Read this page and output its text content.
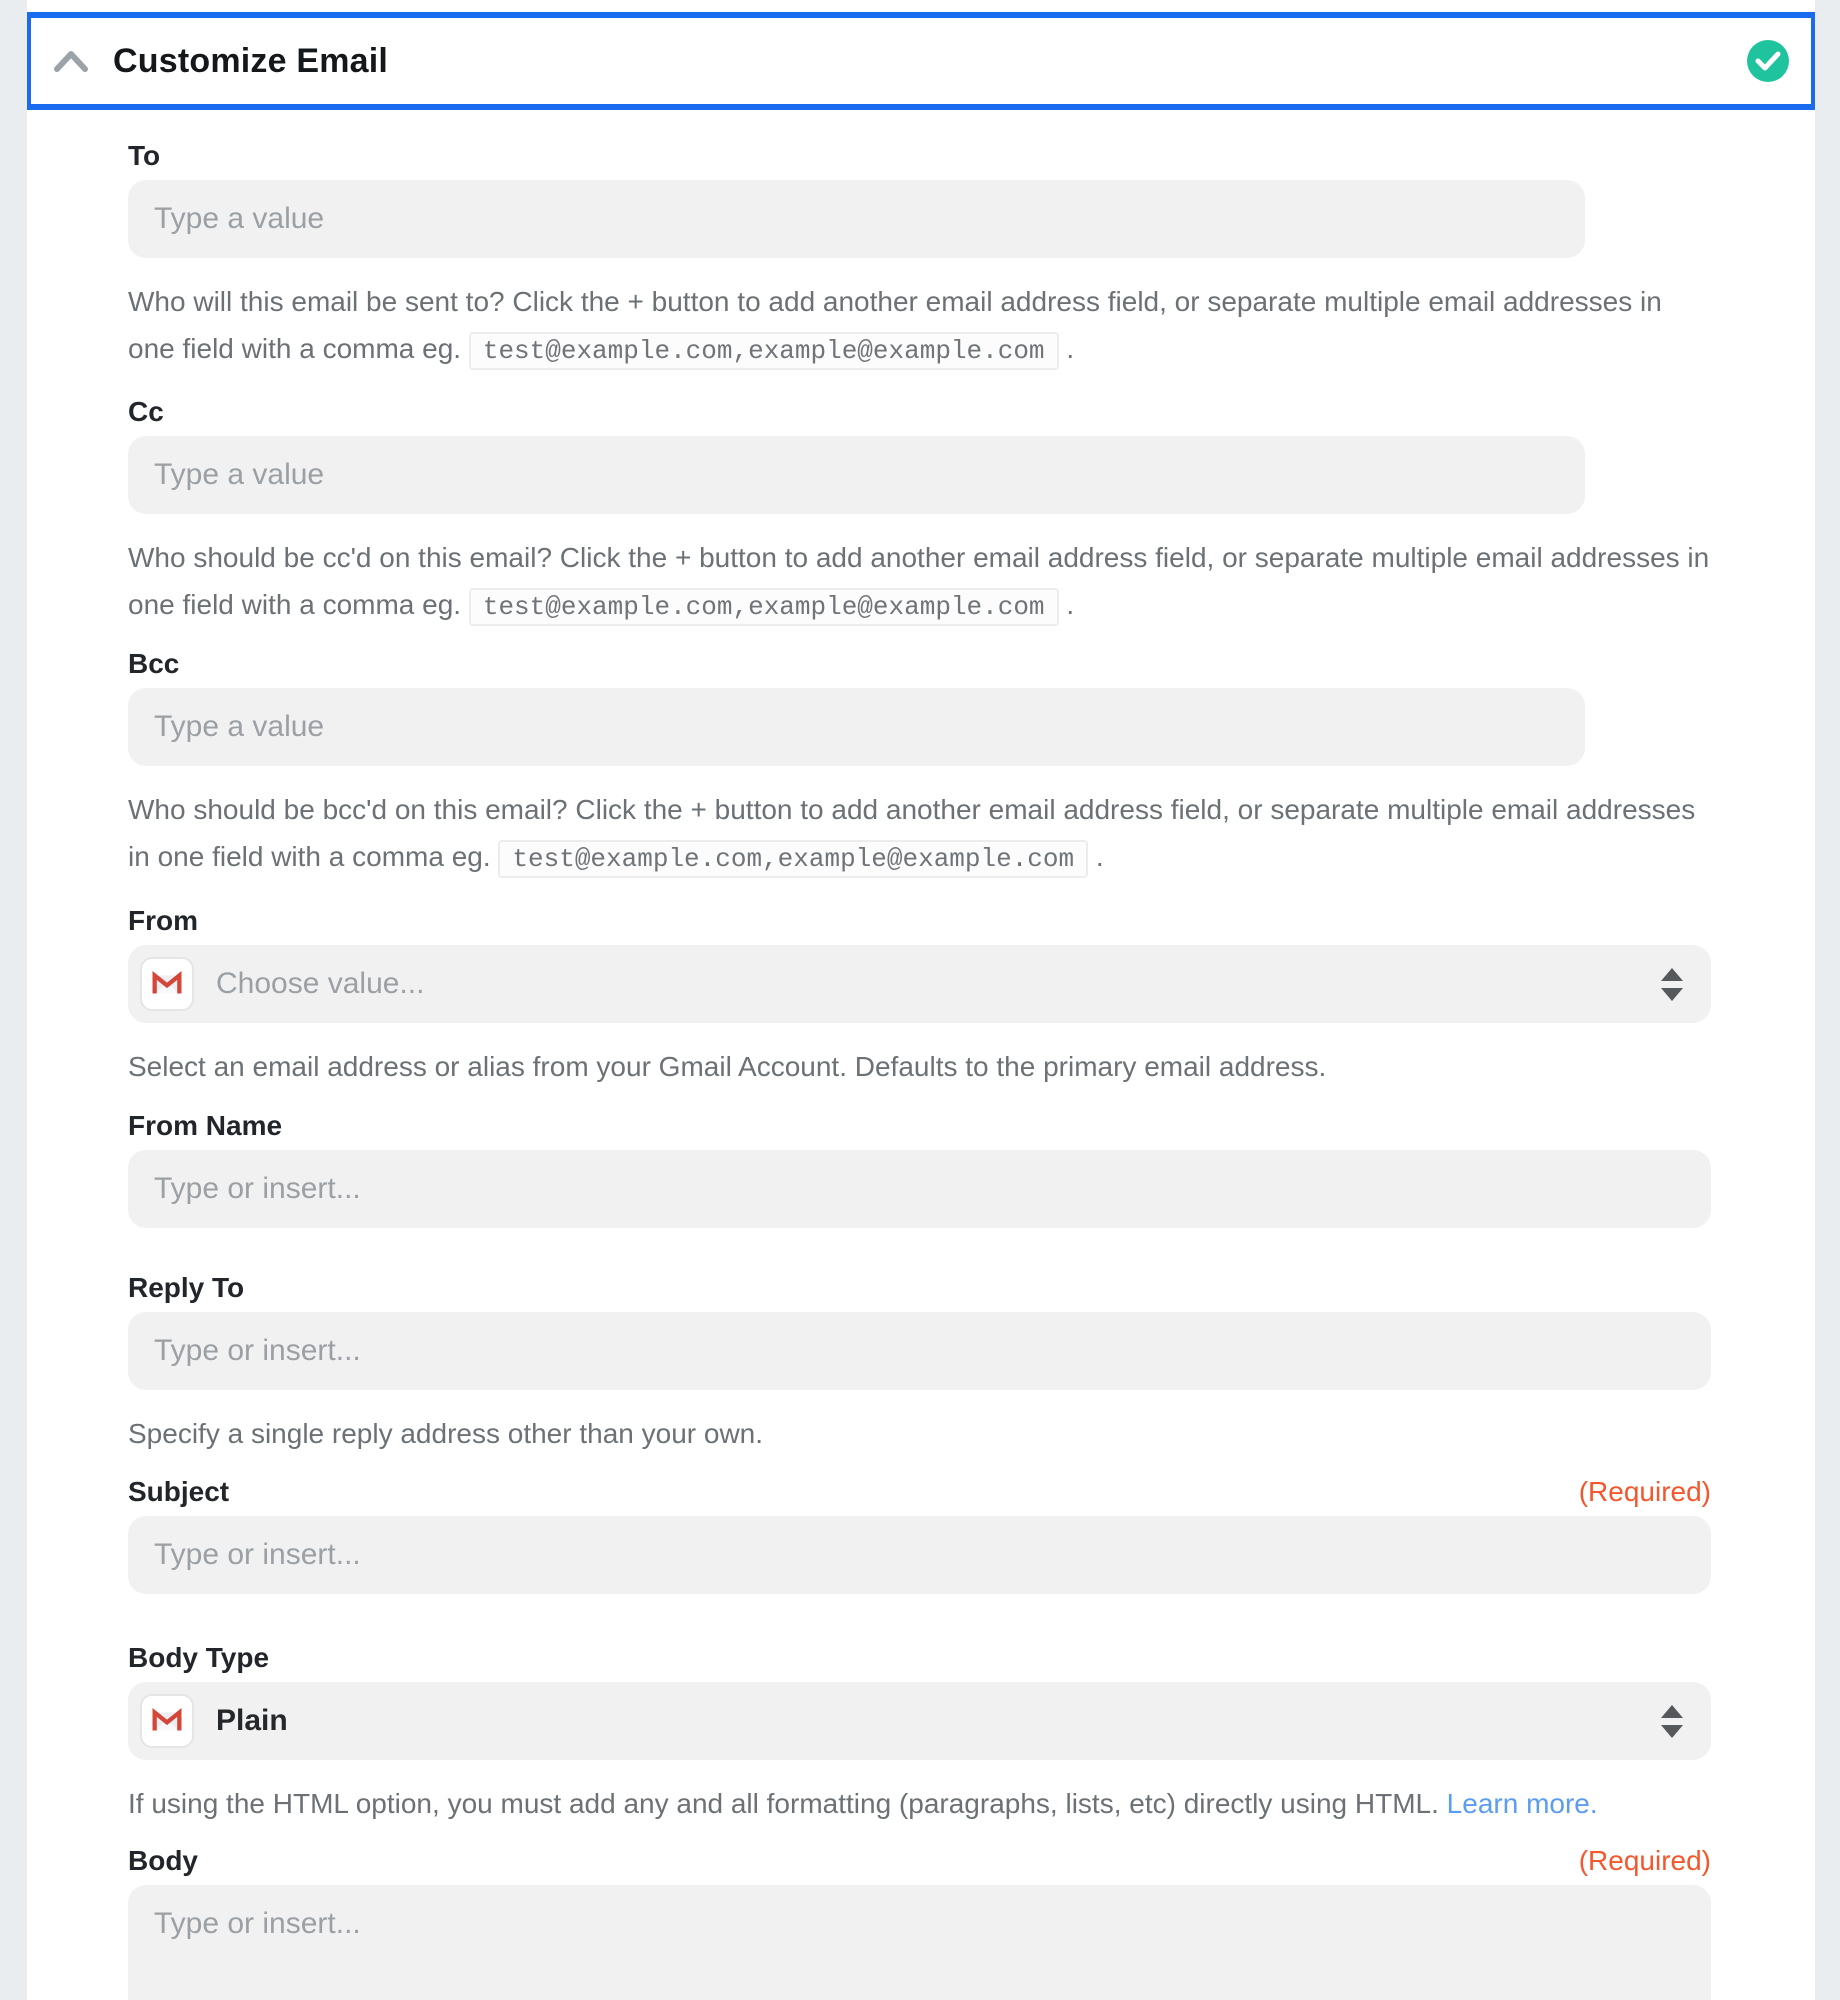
Customize Email
To
Type a value

Who will this email be sent to? Click the + button to add another email address field, or separate multiple email addresses in one field with a comma eg. test@example.com,example@example.com .

Cc
Type a value

Who should be cc'd on this email? Click the + button to add another email address field, or separate multiple email addresses in one field with a comma eg. test@example.com,example@example.com .

Bcc
Type a value

Who should be bcc'd on this email? Click the + button to add another email address field, or separate multiple email addresses in one field with a comma eg. test@example.com,example@example.com .

From
Choose value...

Select an email address or alias from your Gmail Account. Defaults to the primary email address.

From Name
Type or insert...
Reply To
Type or insert...

Specify a single reply address other than your own.

Subject	(Required)
Type or insert...
Body Type
Plain

If using the HTML option, you must add any and all formatting (paragraphs, lists, etc) directly using HTML. Learn more.

Body	(Required)
Type or insert...
